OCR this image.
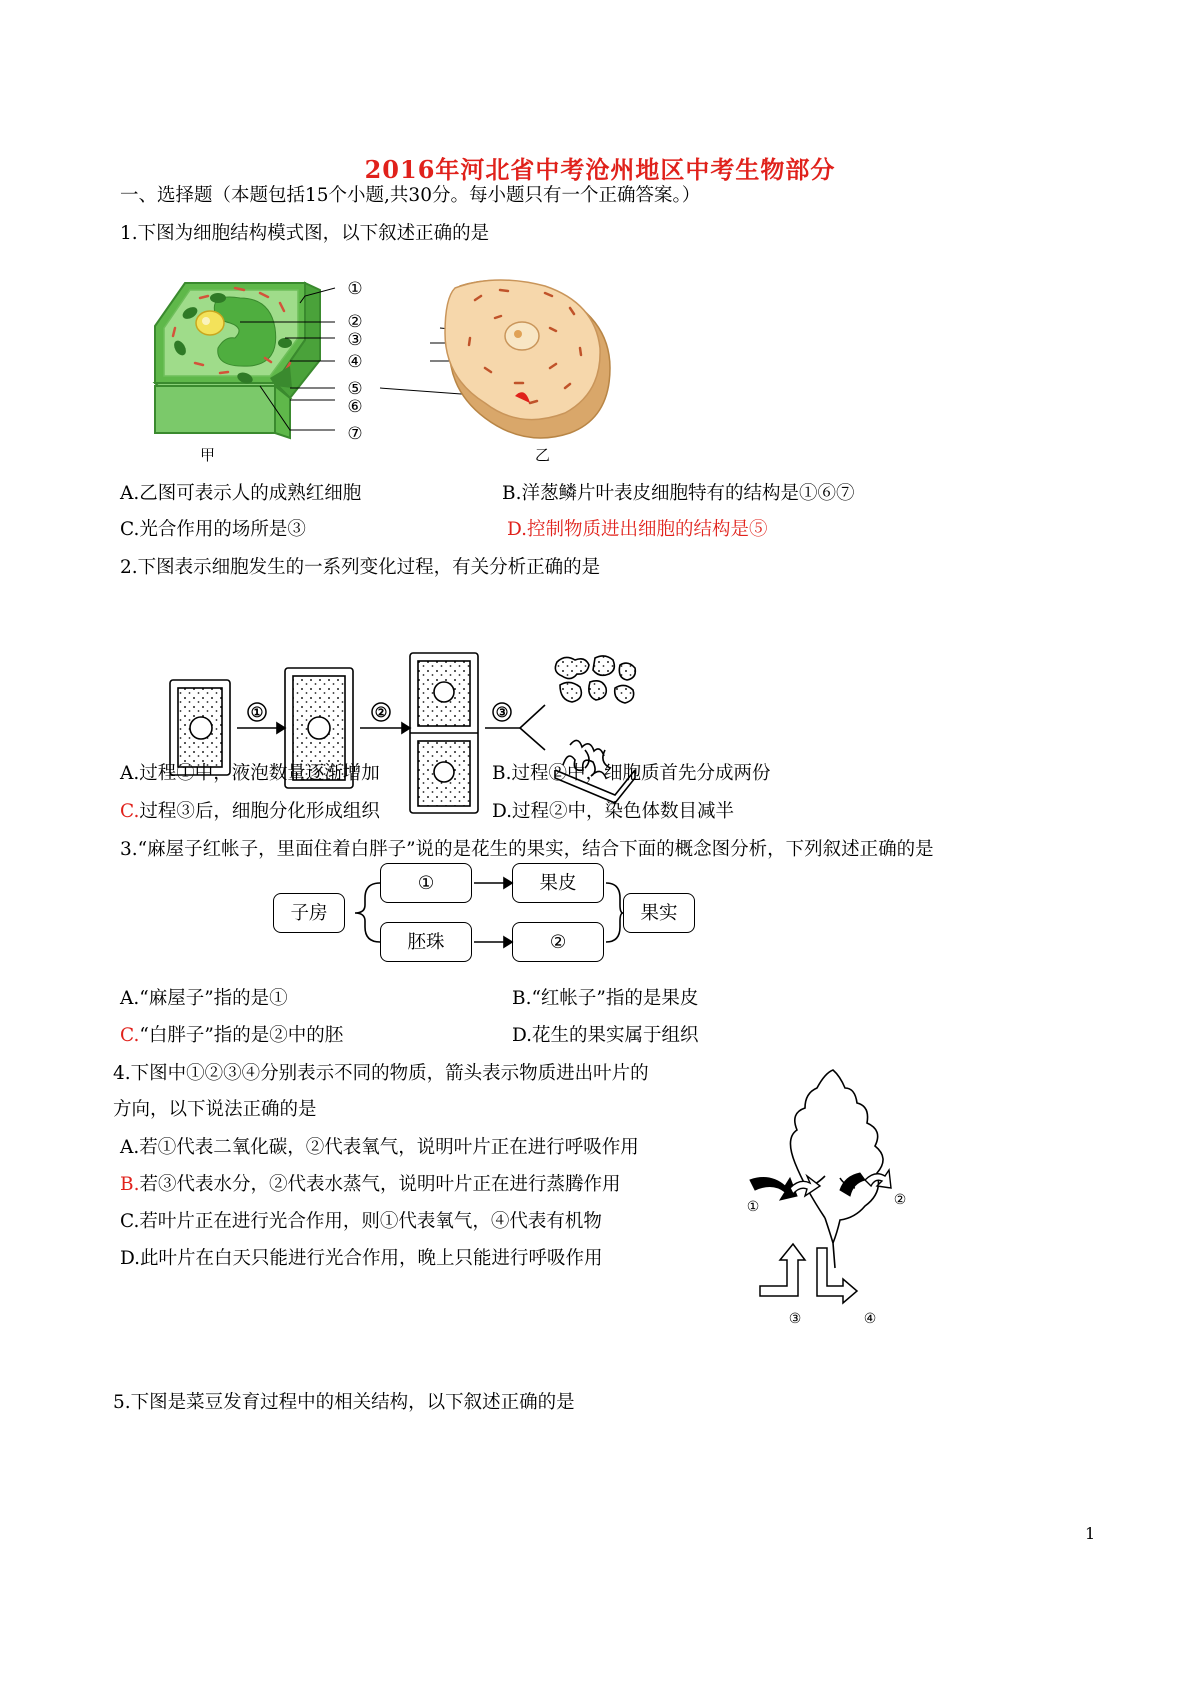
2016年河北省中考沧州地区中考生物部分
一、选择题（本题包括15个小题,共30分。每小题只有一个正确答案。）
1.下图为细胞结构模式图，以下叙述正确的是
①
②
③
④
⑤
⑥
⑦
甲	乙
A.乙图可表示人的成熟红细胞	B.洋葱鳞片叶表皮细胞特有的结构是①⑥⑦
C.光合作用的场所是③	D.控制物质进出细胞的结构是⑤
2.下图表示细胞发生的一系列变化过程，有关分析正确的是
①	②	③
A.过程①中，液泡数量逐渐增加	B.过程②中，细胞质首先分成两份
C.过程③后，细胞分化形成组织	D.过程②中，染色体数目减半
3.“麻屋子红帐子，里面住着白胖子”说的是花生的果实，结合下面的概念图分析，下列叙述正确的是
子房
①	果皮
胚珠	②
果实
A.“麻屋子”指的是①	B.“红帐子”指的是果皮
C.“白胖子”指的是②中的胚	D.花生的果实属于组织
4.下图中①②③④分别表示不同的物质，箭头表示物质进出叶片的
方向，以下说法正确的是
A.若①代表二氧化碳，②代表氧气，说明叶片正在进行呼吸作用
B.若③代表水分，②代表水蒸气，说明叶片正在进行蒸腾作用
C.若叶片正在进行光合作用，则①代表氧气，④代表有机物
D.此叶片在白天只能进行光合作用，晚上只能进行呼吸作用
①	②
③	④
5.下图是菜豆发育过程中的相关结构，以下叙述正确的是
1
